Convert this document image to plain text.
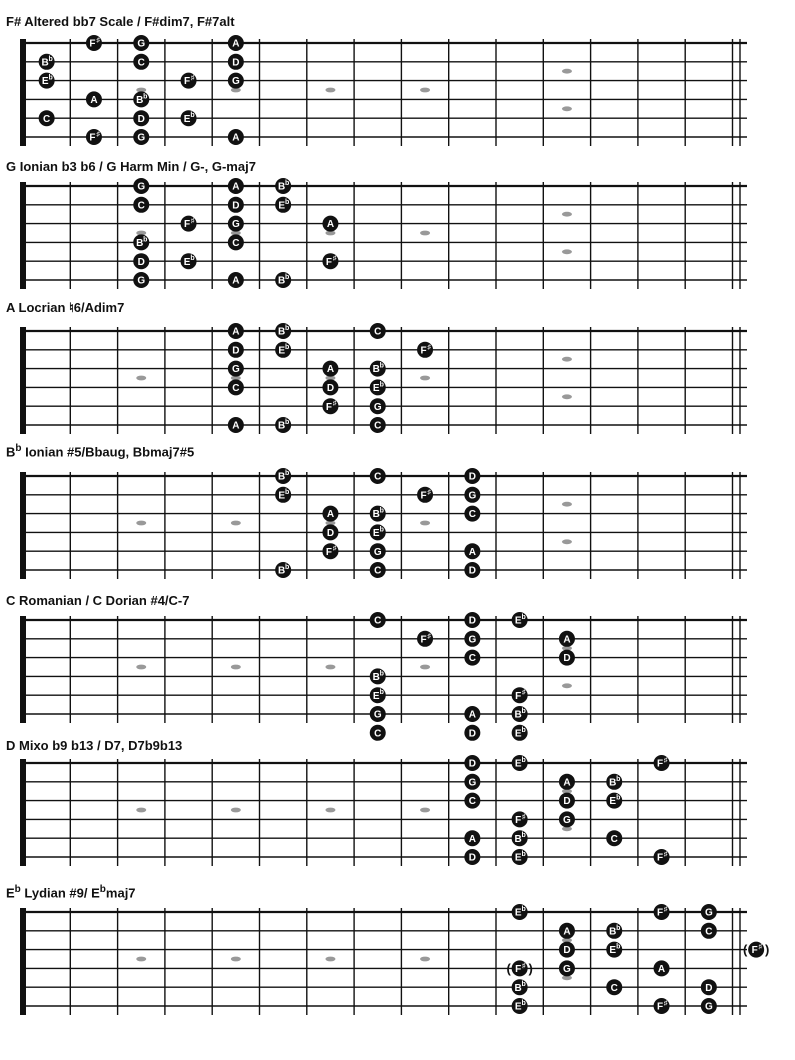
F# Altered bb7 Scale / F#dim7, F#7alt
F ♯	G	A
B b	C	D
E b	F ♯	G
A	B b
C	D	E b
F ♯	G	A
G Ionian b3 b6 / G Harm Min / G-, G-maj7
G	A	B b
C	D	E b
F ♯	G	A
B b	C
D	E b	F ♯
G	A	B b
A Locrian ♮6/Adim7
A	B b	C
D	E b	F ♯
G	A	B b
C	D	E b
F ♯	G
A	B b	C
$B^b$ Ionian #5/Bbaug, Bbmaj7#5
B b	C	D
E b	F ♯	G
A	B b	C
D	E b
F ♯	G	A
B b	C	D
C Romanian / C Dorian #4/C-7
C	D	E b
F ♯	G	A
C	D
B b
E b	F ♯
G	A	B b
C	D	E b
D Mixo b9 b13 / D7, D7b9b13
D	E b	F ♯
G	A	B b
C	D	E b
F ♯	G
A	B b	C
D	E b	F ♯
$E^b$ Lydian #9/ $E^bmaj7$
E b	F ♯	G
A	B b	C
D	E b	F ♯
( )
F ♯
( )	G	A
B b	C	D
E b	F ♯	G
